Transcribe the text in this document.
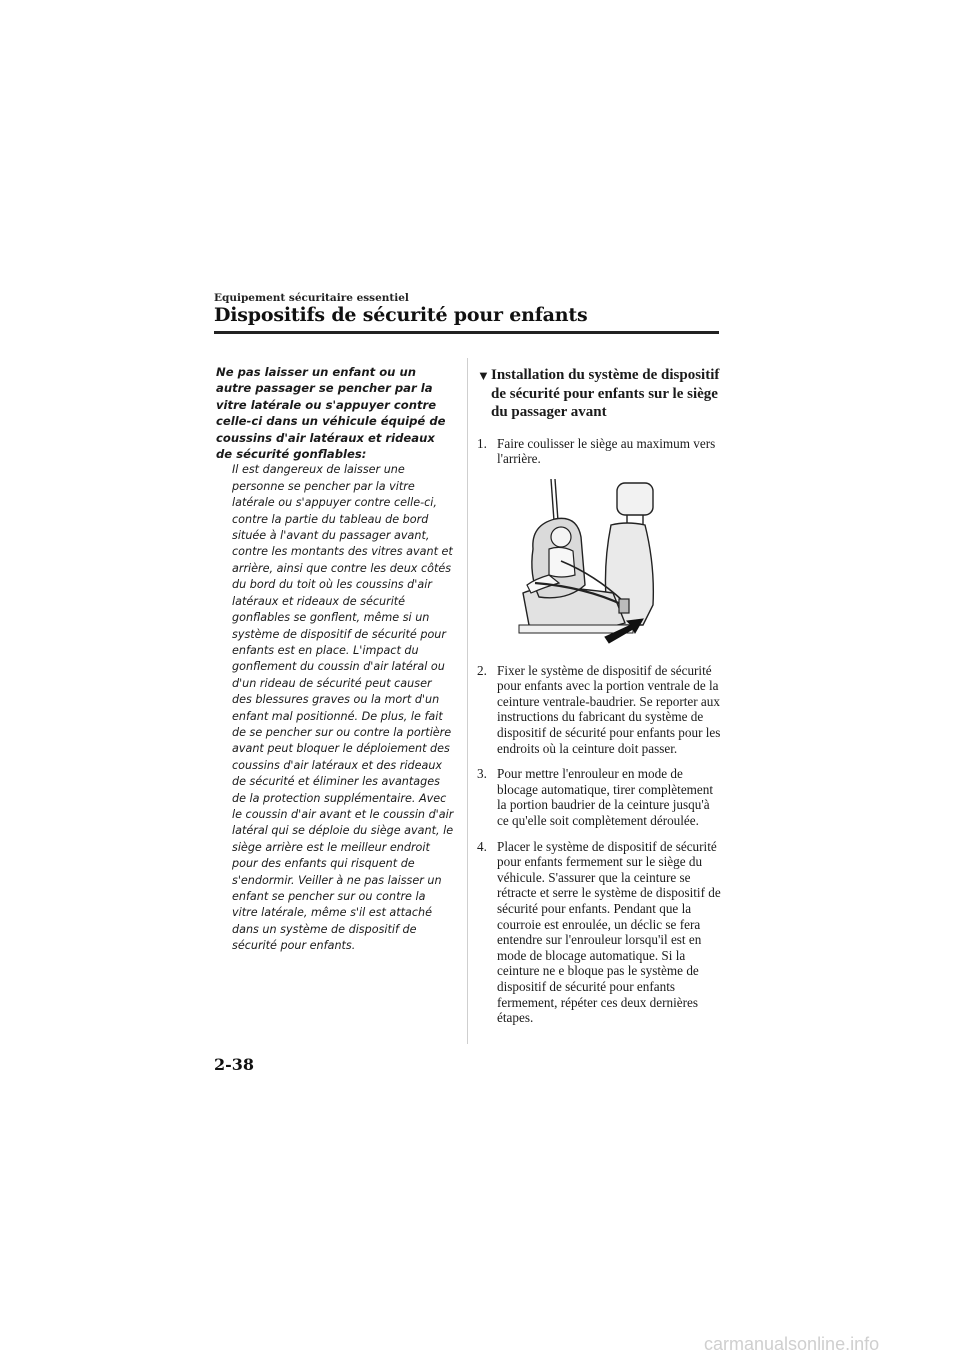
Equipement sécuritaire essentiel
Dispositifs de sécurité pour enfants

Ne pas laisser un enfant ou un autre passager se pencher par la vitre latérale ou s'appuyer contre celle-ci dans un véhicule équipé de coussins d'air latéraux et rideaux de sécurité gonflables:

Il est dangereux de laisser une personne se pencher par la vitre latérale ou s'appuyer contre celle-ci, contre la partie du tableau de bord située à l'avant du passager avant, contre les montants des vitres avant et arrière, ainsi que contre les deux côtés du bord du toit où les coussins d'air latéraux et rideaux de sécurité gonflables se gonflent, même si un système de dispositif de sécurité pour enfants est en place. L'impact du gonflement du coussin d'air latéral ou d'un rideau de sécurité peut causer des blessures graves ou la mort d'un enfant mal positionné. De plus, le fait de se pencher sur ou contre la portière avant peut bloquer le déploiement des coussins d'air latéraux et des rideaux de sécurité et éliminer les avantages de la protection supplémentaire. Avec le coussin d'air avant et le coussin d'air latéral qui se déploie du siège avant, le siège arrière est le meilleur endroit pour des enfants qui risquent de s'endormir. Veiller à ne pas laisser un enfant se pencher sur ou contre la vitre latérale, même s'il est attaché dans un système de dispositif de sécurité pour enfants.

▼ Installation du système de dispositif de sécurité pour enfants sur le siège du passager avant

1. Faire coulisser le siège au maximum vers l'arrière.

2. Fixer le système de dispositif de sécurité pour enfants avec la portion ventrale de la ceinture ventrale-baudrier. Se reporter aux instructions du fabricant du système de dispositif de sécurité pour enfants pour les endroits où la ceinture doit passer.

3. Pour mettre l'enrouleur en mode de blocage automatique, tirer complètement la portion baudrier de la ceinture jusqu'à ce qu'elle soit complètement déroulée.

4. Placer le système de dispositif de sécurité pour enfants fermement sur le siège du véhicule. S'assurer que la ceinture se rétracte et serre le système de dispositif de sécurité pour enfants. Pendant que la courroie est enroulée, un déclic se fera entendre sur l'enrouleur lorsqu'il est en mode de blocage automatique. Si la ceinture ne e bloque pas le système de dispositif de sécurité pour enfants fermement, répéter ces deux dernières étapes.

2-38
carmanualsonline.info
